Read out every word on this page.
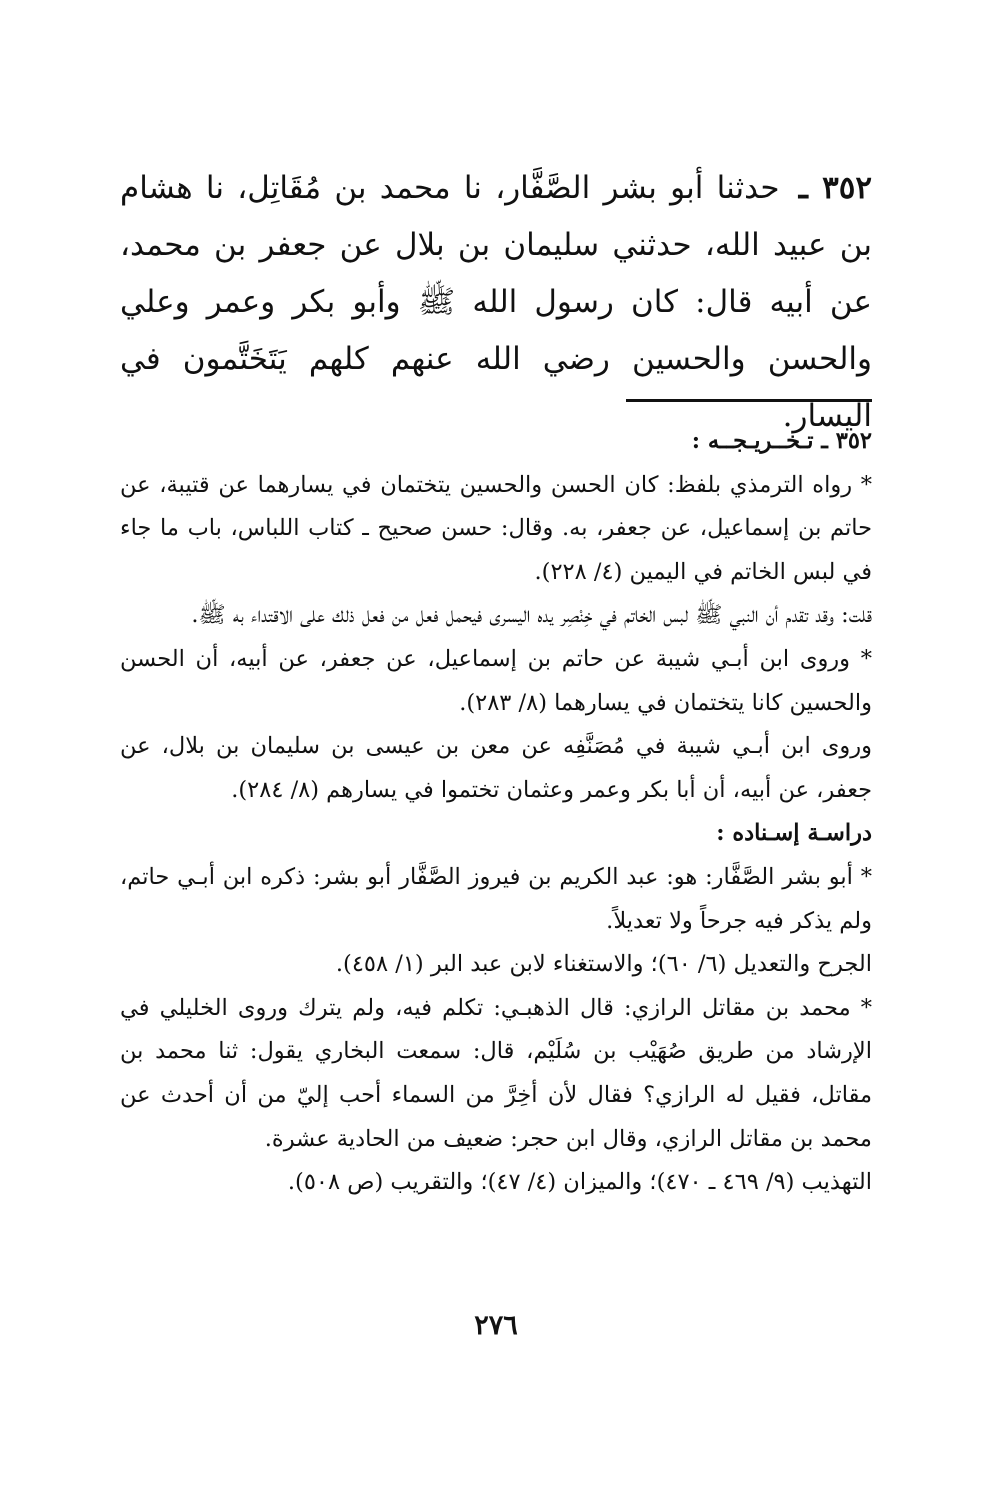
٣٥٢ ـ حدثنا أبو بشر الصَّفَّار، نا محمد بن مُقَاتِل، نا هشام بن عبيد الله، حدثني سليمان بن بلال عن جعفر بن محمد، عن أبيه قال: كان رسول الله ﷺ وأبو بكر وعمر وعلي والحسن والحسين رضي الله عنهم كلهم يَتَخَتَّمون في اليسار.

٣٥٢ ـ تـخــريـجــه :

* رواه الترمذي بلفظ: كان الحسن والحسين يتختمان في يسارهما عن قتيبة، عن حاتم بن إسماعيل، عن جعفر، به. وقال: حسن صحيح ـ كتاب اللباس، باب ما جاء في لبس الخاتم في اليمين (٤/ ٢٢٨).

قلت: وقد تقدم أن النبي ﷺ لبس الخاتم في خِنْصِر يده اليسرى فيحمل فعل من فعل ذلك على الاقتداء به ﷺ.

* وروى ابن أبـي شيبة عن حاتم بن إسماعيل، عن جعفر، عن أبيه، أن الحسن والحسين كانا يتختمان في يسارهما (٨/ ٢٨٣).

وروى ابن أبـي شيبة في مُصَنَّفِه عن معن بن عيسى بن سليمان بن بلال، عن جعفر، عن أبيه، أن أبا بكر وعمر وعثمان تختموا في يسارهم (٨/ ٢٨٤).

دراسـة إسـناده :

* أبو بشر الصَّفَّار: هو: عبد الكريم بن فيروز الصَّفَّار أبو بشر: ذكره ابن أبـي حاتم، ولم يذكر فيه جرحاً ولا تعديلاً.

الجرح والتعديل (٦/ ٦٠)؛ والاستغناء لابن عبد البر (١/ ٤٥٨).

* محمد بن مقاتل الرازي: قال الذهبـي: تكلم فيه، ولم يترك وروى الخليلي في الإرشاد من طريق صُهَيْب بن سُلَيْم، قال: سمعت البخاري يقول: ثنا محمد بن مقاتل، فقيل له الرازي؟ فقال لأن أخِرَّ من السماء أحب إليّ من أن أحدث عن محمد بن مقاتل الرازي، وقال ابن حجر: ضعيف من الحادية عشرة.

التهذيب (٩/ ٤٦٩ ـ ٤٧٠)؛ والميزان (٤/ ٤٧)؛ والتقريب (ص ٥٠٨).

٢٧٦
